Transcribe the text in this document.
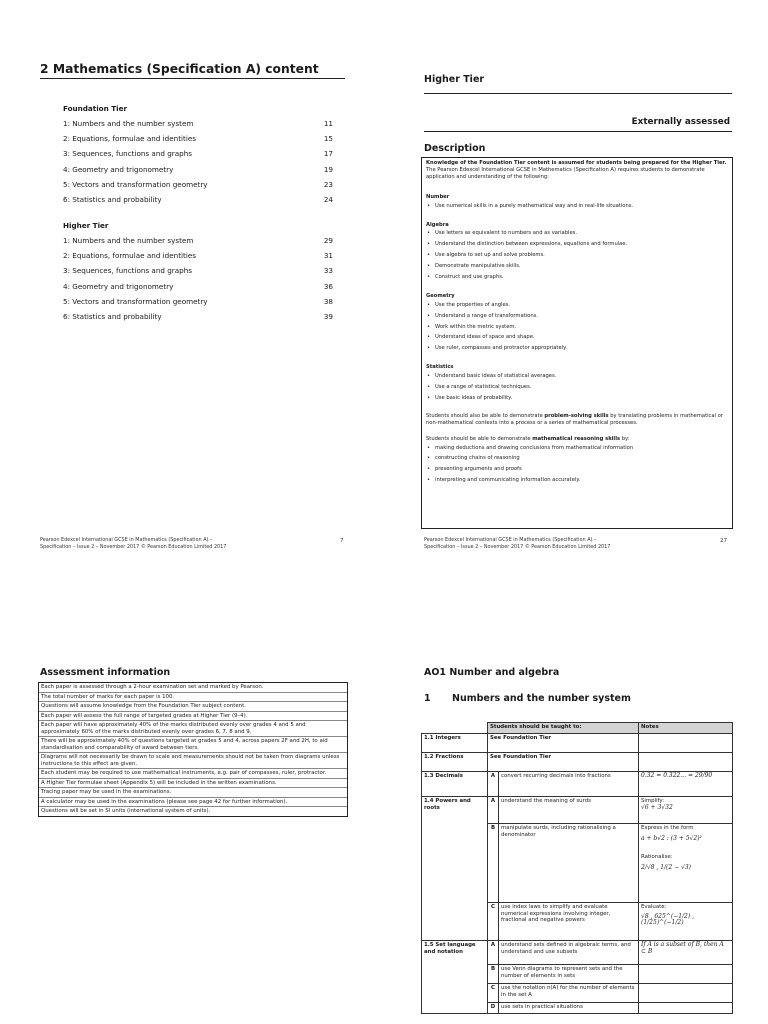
2 Mathematics (Specification A) content
Foundation Tier
1: Numbers and the number system	11
2: Equations, formulae and identities	15
3: Sequences, functions and graphs	17
4: Geometry and trigonometry	19
5: Vectors and transformation geometry	23
6: Statistics and probability	24
Higher Tier
1: Numbers and the number system	29
2: Equations, formulae and identities	31
3: Sequences, functions and graphs	33
4: Geometry and trigonometry	36
5: Vectors and transformation geometry	38
6: Statistics and probability	39
Pearson Edexcel International GCSE in Mathematics (Specification A) –
Specification – Issue 2 – November 2017 © Pearson Education Limited 2017
7
Higher Tier
Externally assessed
Description
Knowledge of the Foundation Tier content is assumed for students being prepared for the Higher Tier. The Pearson Edexcel International GCSE in Mathematics (Specification A) requires students to demonstrate application and understanding of the following:
Number
• Use numerical skills in a purely mathematical way and in real-life situations.
Algebra
• Use letters as equivalent to numbers and as variables.
• Understand the distinction between expressions, equations and formulae.
• Use algebra to set up and solve problems.
• Demonstrate manipulative skills.
• Construct and use graphs.
Geometry
• Use the properties of angles.
• Understand a range of transformations.
• Work within the metric system.
• Understand ideas of space and shape.
• Use ruler, compasses and protractor appropriately.
Statistics
• Understand basic ideas of statistical averages.
• Use a range of statistical techniques.
• Use basic ideas of probability.

Students should also be able to demonstrate problem-solving skills by translating problems in mathematical or non-mathematical contexts into a process or a series of mathematical processes.

Students should be able to demonstrate mathematical reasoning skills by:

• making deductions and drawing conclusions from mathematical information
• constructing chains of reasoning
• presenting arguments and proofs
• interpreting and communicating information accurately.
Pearson Edexcel International GCSE in Mathematics (Specification A) –
Specification – Issue 2 – November 2017 © Pearson Education Limited 2017
27
Assessment information
Each paper is assessed through a 2-hour examination set and marked by Pearson.
The total number of marks for each paper is 100.
Questions will assume knowledge from the Foundation Tier subject content.
Each paper will assess the full range of targeted grades at Higher Tier (9–4).
Each paper will have approximately 40% of the marks distributed evenly over grades 4 and 5 and approximately 60% of the marks distributed evenly over grades 6, 7, 8 and 9.
There will be approximately 40% of questions targeted at grades 5 and 4, across papers 2F and 2H, to aid standardisation and comparability of award between tiers.
Diagrams will not necessarily be drawn to scale and measurements should not be taken from diagrams unless instructions to this effect are given.
Each student may be required to use mathematical instruments, e.g. pair of compasses, ruler, protractor.
A Higher Tier formulae sheet (Appendix 5) will be included in the written examinations.
Tracing paper may be used in the examinations.
A calculator may be used in the examinations (please see page 42 for further information).
Questions will be set in SI units (international system of units).
AO1 Number and algebra
1 Numbers and the number system
	Students should be taught to:		Notes
1.1 Integers	See Foundation Tier		
1.2 Fractions	See Foundation Tier		
1.3 Decimals	A	convert recurring decimals into fractions	0.32 = 0.322... = 29/90
1.4 Powers and roots	A	understand the meaning of surds	Simplify:
√6 + 3√32

	B	manipulate surds, including rationalising a denominator	Express in the form
a + b√2 : (3 + 5√2)²
Rationalise:
2/√8 , 1/(2 − √3)

	C	use index laws to simplify and evaluate numerical expressions involving integer, fractional and negative powers	Evaluate:
√8 , 625^(−1/2) , (1/25)^(−1/2)

1.5 Set language and notation	A	understand sets defined in algebraic terms, and understand and use subsets	If A is a subset of B, then A ⊂ B
	B	use Venn diagrams to represent sets and the number of elements in sets	
	C	use the notation n(A) for the number of elements in the set A	
	D	use sets in practical situations	
